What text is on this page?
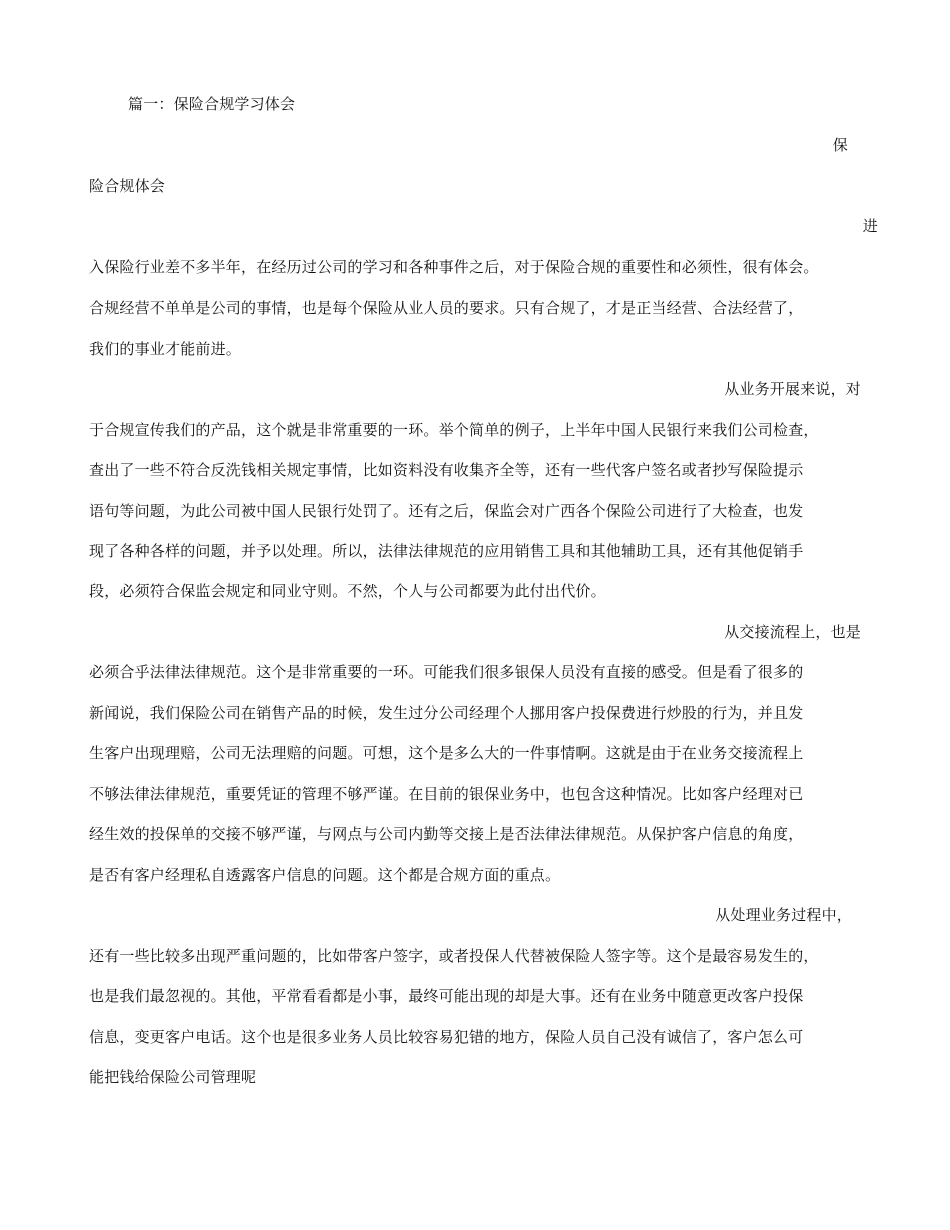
篇一：保险合规学习体会
保
险合规体会
进
入保险行业差不多半年，在经历过公司的学习和各种事件之后，对于保险合规的重要性和必须性，很有体会。
合规经营不单单是公司的事情，也是每个保险从业人员的要求。只有合规了，才是正当经营、合法经营了，
我们的事业才能前进。
从业务开展来说，对
于合规宣传我们的产品，这个就是非常重要的一环。举个简单的例子，上半年中国人民银行来我们公司检查，
查出了一些不符合反洗钱相关规定事情，比如资料没有收集齐全等，还有一些代客户签名或者抄写保险提示
语句等问题，为此公司被中国人民银行处罚了。还有之后，保监会对广西各个保险公司进行了大检查，也发
现了各种各样的问题，并予以处理。所以，法律法律规范的应用销售工具和其他辅助工具，还有其他促销手
段，必须符合保监会规定和同业守则。不然，个人与公司都要为此付出代价。
从交接流程上，也是
必须合乎法律法律规范。这个是非常重要的一环。可能我们很多银保人员没有直接的感受。但是看了很多的
新闻说，我们保险公司在销售产品的时候，发生过分公司经理个人挪用客户投保费进行炒股的行为，并且发
生客户出现理赔，公司无法理赔的问题。可想，这个是多么大的一件事情啊。这就是由于在业务交接流程上
不够法律法律规范，重要凭证的管理不够严谨。在目前的银保业务中，也包含这种情况。比如客户经理对已
经生效的投保单的交接不够严谨，与网点与公司内勤等交接上是否法律法律规范。从保护客户信息的角度，
是否有客户经理私自透露客户信息的问题。这个都是合规方面的重点。
从处理业务过程中，
还有一些比较多出现严重问题的，比如带客户签字，或者投保人代替被保险人签字等。这个是最容易发生的，
也是我们最忽视的。其他，平常看看都是小事，最终可能出现的却是大事。还有在业务中随意更改客户投保
信息，变更客户电话。这个也是很多业务人员比较容易犯错的地方，保险人员自己没有诚信了，客户怎么可
能把钱给保险公司管理呢
